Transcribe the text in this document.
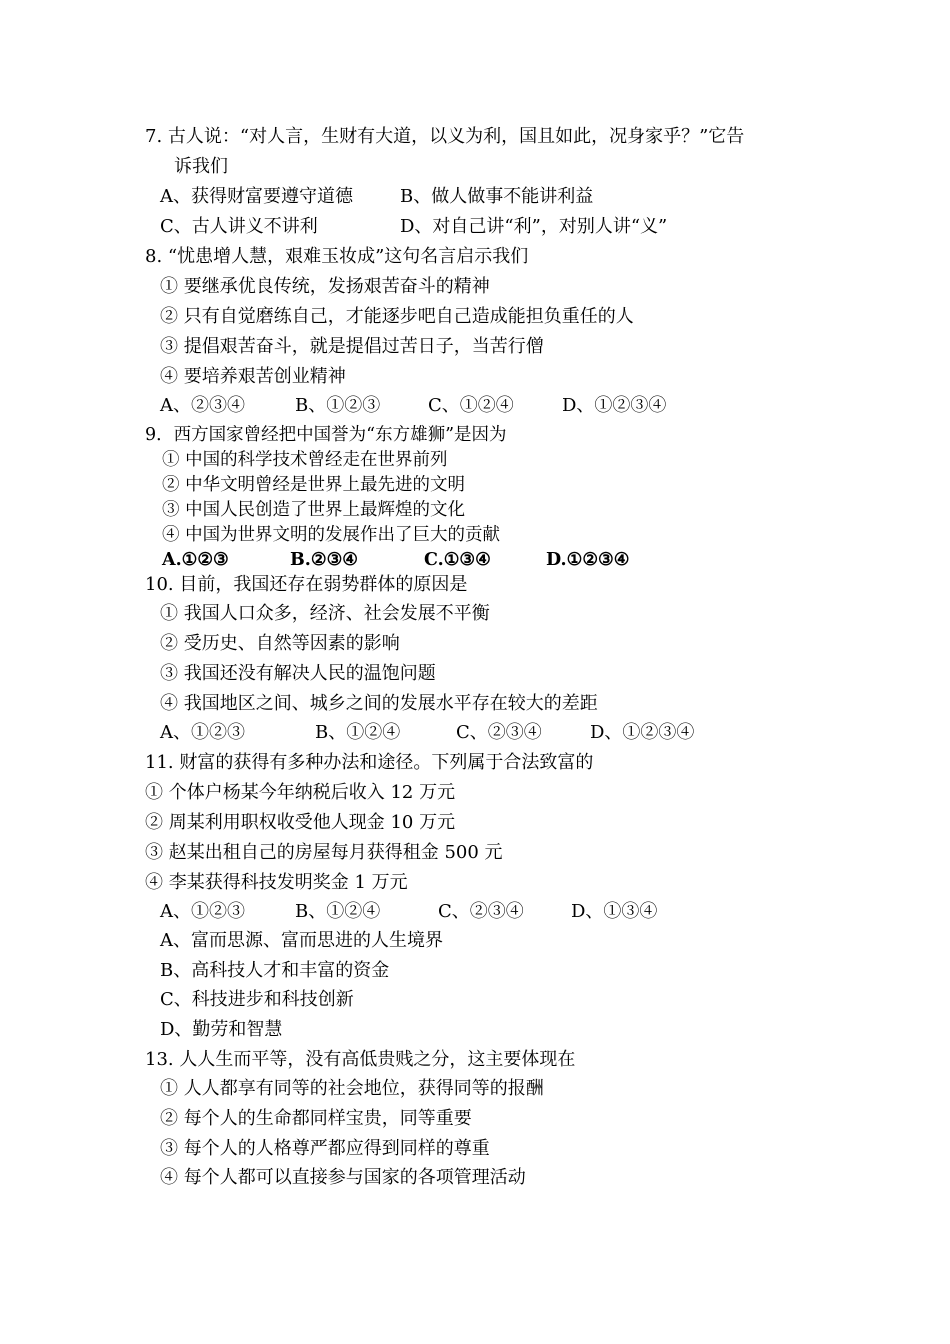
7. 古人说：“对人言，生财有大道，以义为利，国且如此，况身家乎？”它告
诉我们
A、获得财富要遵守道德	B、做人做事不能讲利益
C、古人讲义不讲利	D、对自己讲“利”，对别人讲“义”
8. “忧患增人慧，艰难玉妆成”这句名言启示我们
① 要继承优良传统，发扬艰苦奋斗的精神
② 只有自觉磨练自己，才能逐步吧自己造成能担负重任的人
③ 提倡艰苦奋斗，就是提倡过苦日子，当苦行僧
④ 要培养艰苦创业精神
A、②③④	B、①②③	C、①②④	D、①②③④
9．西方国家曾经把中国誉为“东方雄狮”是因为
① 中国的科学技术曾经走在世界前列
② 中华文明曾经是世界上最先进的文明
③ 中国人民创造了世界上最辉煌的文化
④ 中国为世界文明的发展作出了巨大的贡献
A.①②③	B.②③④	C.①③④	D.①②③④
10. 目前，我国还存在弱势群体的原因是
① 我国人口众多，经济、社会发展不平衡
② 受历史、自然等因素的影响
③ 我国还没有解决人民的温饱问题
④ 我国地区之间、城乡之间的发展水平存在较大的差距
A、①②③	B、①②④	C、②③④	D、①②③④
11. 财富的获得有多种办法和途径。下列属于合法致富的
① 个体户杨某今年纳税后收入 12 万元
② 周某利用职权收受他人现金 10 万元
③ 赵某出租自己的房屋每月获得租金 500 元
④ 李某获得科技发明奖金 1 万元
A、①②③	B、①②④	C、②③④	D、①③④
A、富而思源、富而思进的人生境界
B、高科技人才和丰富的资金
C、科技进步和科技创新
D、勤劳和智慧
13. 人人生而平等，没有高低贵贱之分，这主要体现在
① 人人都享有同等的社会地位，获得同等的报酬
② 每个人的生命都同样宝贵，同等重要
③ 每个人的人格尊严都应得到同样的尊重
④ 每个人都可以直接参与国家的各项管理活动
